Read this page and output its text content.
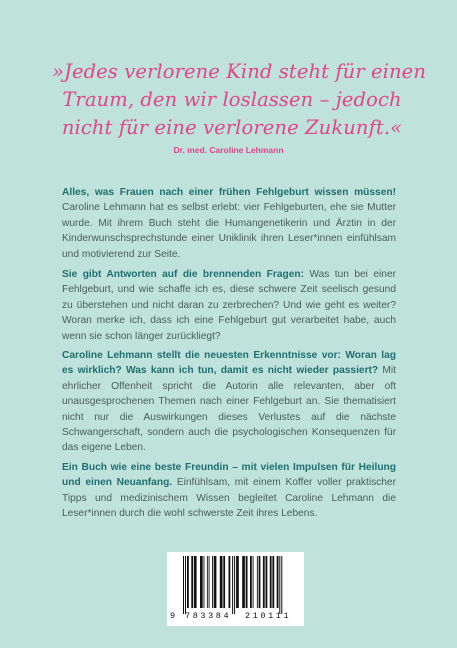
»Jedes verlorene Kind steht für einen
Traum, den wir loslassen – jedoch
nicht für eine verlorene Zukunft.«
Dr. med. Caroline Lehmann

Alles, was Frauen nach einer frühen Fehlgeburt wissen müssen! Caroline Lehmann hat es selbst erlebt: vier Fehlgeburten, ehe sie Mutter wurde. Mit ihrem Buch steht die Humangenetikerin und Ärztin in der Kinderwunschsprechstunde einer Uniklinik ihren Leser*innen einfühlsam und motivierend zur Seite.

Sie gibt Antworten auf die brennenden Fragen: Was tun bei einer Fehlgeburt, und wie schaffe ich es, diese schwere Zeit seelisch gesund zu überstehen und nicht daran zu zerbrechen? Und wie geht es weiter? Woran merke ich, dass ich eine Fehlgeburt gut verarbeitet habe, auch wenn sie schon länger zurückliegt?

Caroline Lehmann stellt die neuesten Erkenntnisse vor: Woran lag es wirklich? Was kann ich tun, damit es nicht wieder passiert? Mit ehrlicher Offenheit spricht die Autorin alle relevanten, aber oft unausgesprochenen Themen nach einer Fehlgeburt an. Sie thematisiert nicht nur die Auswirkungen dieses Verlustes auf die nächste Schwangerschaft, sondern auch die psychologischen Konsequenzen für das eigene Leben.

Ein Buch wie eine beste Freundin – mit vielen Impulsen für Heilung und einen Neuanfang. Einfühlsam, mit einem Koffer voller praktischer Tipps und medizinischem Wissen begleitet Caroline Lehmann die Leser*innen durch die wohl schwerste Zeit ihres Lebens.

9 783384 210111
